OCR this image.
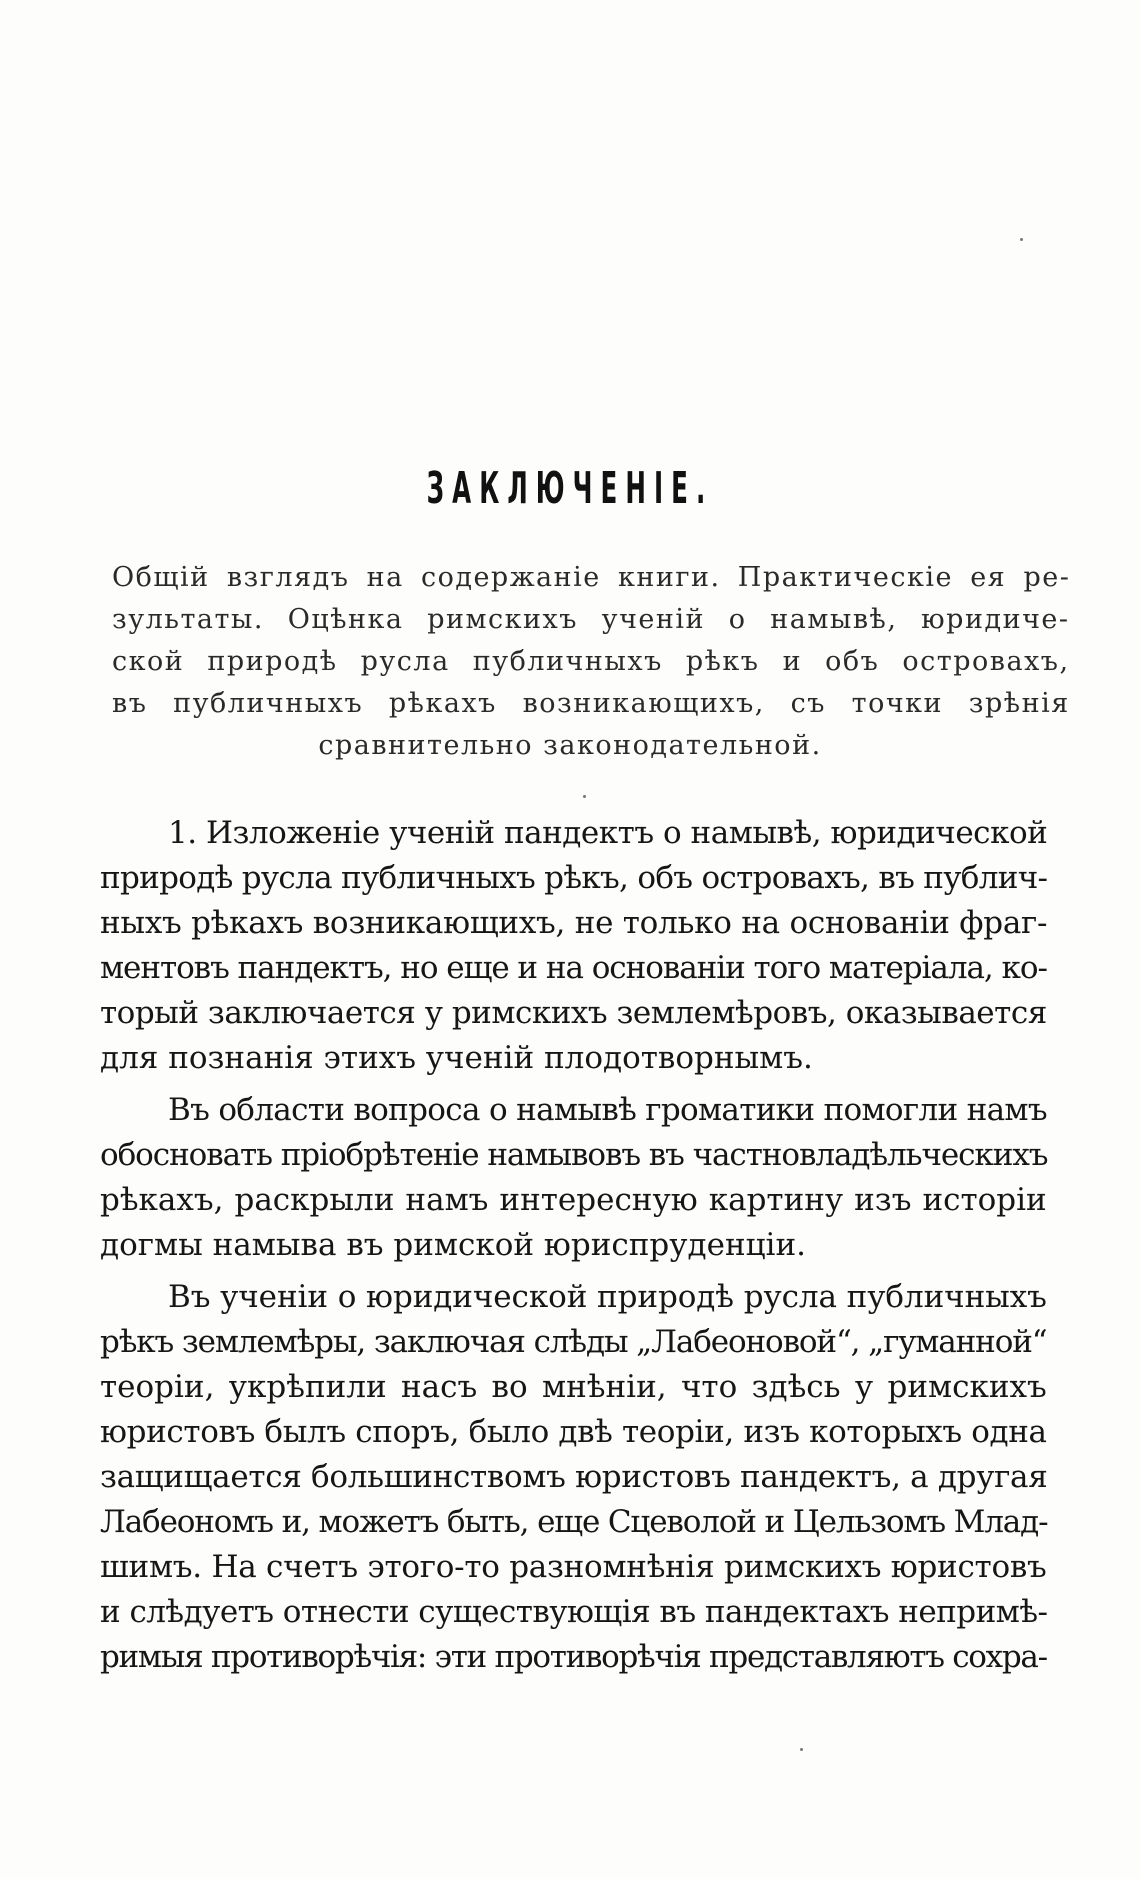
ЗАКЛЮЧЕНIЕ.
Общiй взглядъ на содержанiе книги. Практическiе ея ре-
зультаты. Оцѣнка римскихъ ученiй о намывѣ, юридиче-
ской природѣ русла публичныхъ рѣкъ и объ островахъ,
въ публичныхъ рѣкахъ возникающихъ, съ точки зрѣнiя
сравнительно законодательной.
1. Изложенiе ученiй пандектъ о намывѣ, юридической
природѣ русла публичныхъ рѣкъ, объ островахъ, въ публич-
ныхъ рѣкахъ возникающихъ, не только на основанiи фраг-
ментовъ пандектъ, но еще и на основанiи того матерiала, ко-
торый заключается у римскихъ землемѣровъ, оказывается
для познанiя этихъ ученiй плодотворнымъ.
Въ области вопроса о намывѣ громатики помогли намъ
обосновать прiобрѣтенiе намывовъ въ частновладѣльческихъ
рѣкахъ, раскрыли намъ интересную картину изъ исторiи
догмы намыва въ римской юриспруденцiи.
Въ ученiи о юридической природѣ русла публичныхъ
рѣкъ землемѣры, заключая слѣды „Лабеоновой“, „гуманной“
теорiи, укрѣпили насъ во мнѣнiи, что здѣсь у римскихъ
юристовъ былъ споръ, было двѣ теорiи, изъ которыхъ одна
защищается большинствомъ юристовъ пандектъ, а другая
Лабеономъ и, можетъ быть, еще Сцеволой и Цельзомъ Млад-
шимъ. На счетъ этого-то разномнѣнiя римскихъ юристовъ
и слѣдуетъ отнести существующiя въ пандектахъ непримѣ-
римыя противорѣчiя: эти противорѣчiя представляютъ сохра-
